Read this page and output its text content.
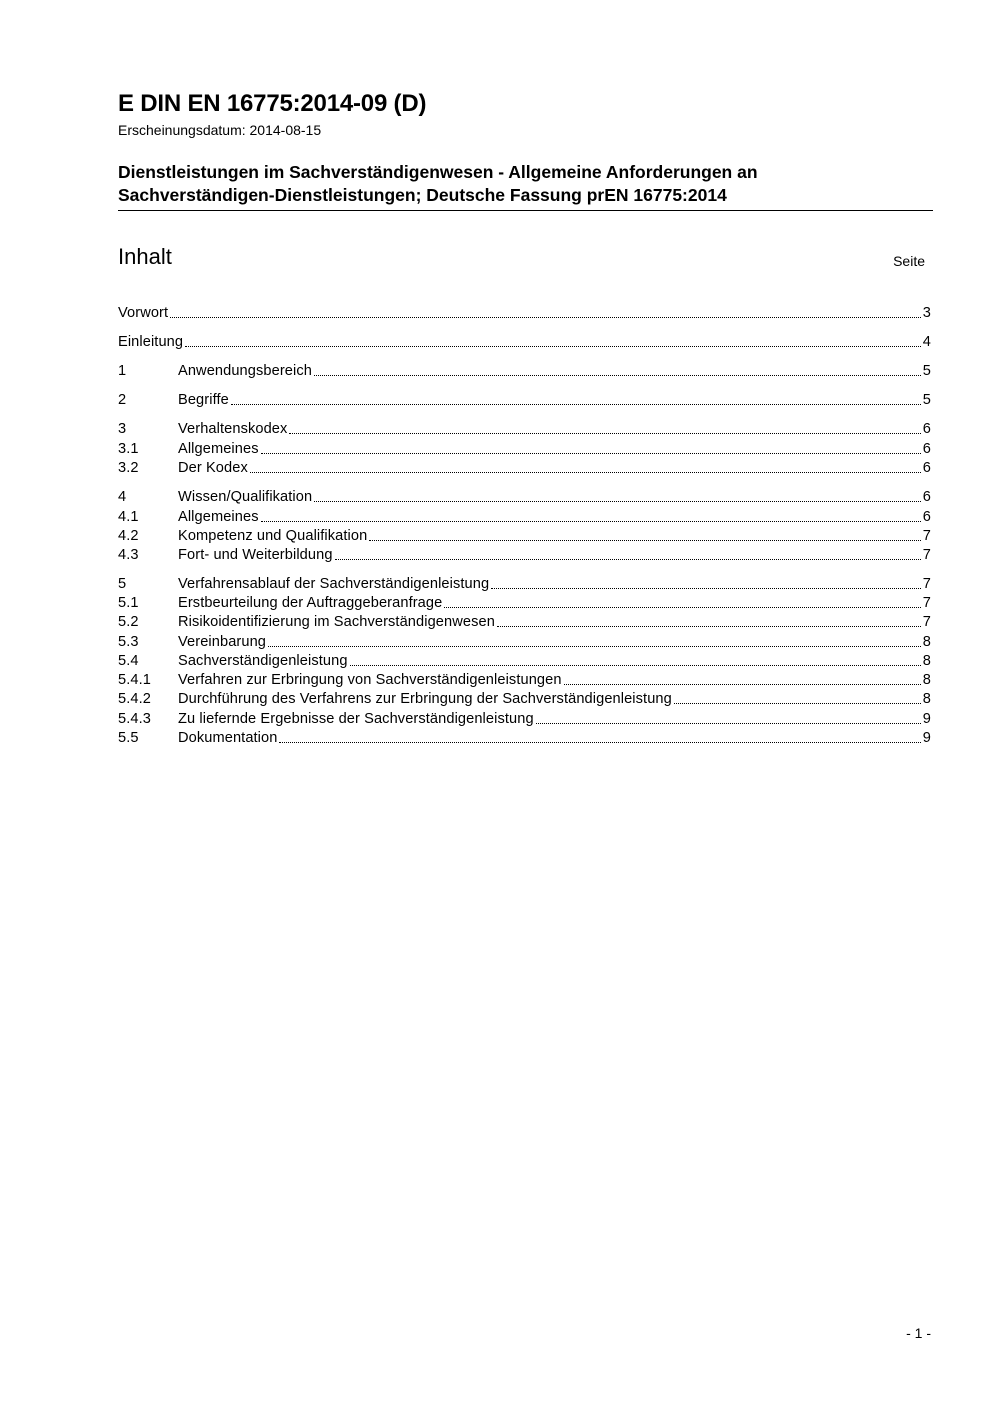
E DIN EN 16775:2014-09 (D)
Erscheinungsdatum: 2014-08-15
Dienstleistungen im Sachverständigenwesen - Allgemeine Anforderungen an
Sachverständigen-Dienstleistungen; Deutsche Fassung prEN 16775:2014
Inhalt	Seite
Vorwort	3
Einleitung	4
1	Anwendungsbereich	5
2	Begriffe	5
3	Verhaltenskodex	6
3.1	Allgemeines	6
3.2	Der Kodex	6
4	Wissen/Qualifikation	6
4.1	Allgemeines	6
4.2	Kompetenz und Qualifikation	7
4.3	Fort- und Weiterbildung	7
5	Verfahrensablauf der Sachverständigenleistung	7
5.1	Erstbeurteilung der Auftraggeberanfrage	7
5.2	Risikoidentifizierung im Sachverständigenwesen	7
5.3	Vereinbarung	8
5.4	Sachverständigenleistung	8
5.4.1	Verfahren zur Erbringung von Sachverständigenleistungen	8
5.4.2	Durchführung des Verfahrens zur Erbringung der Sachverständigenleistung	8
5.4.3	Zu liefernde Ergebnisse der Sachverständigenleistung	9
5.5	Dokumentation	9
- 1 -
